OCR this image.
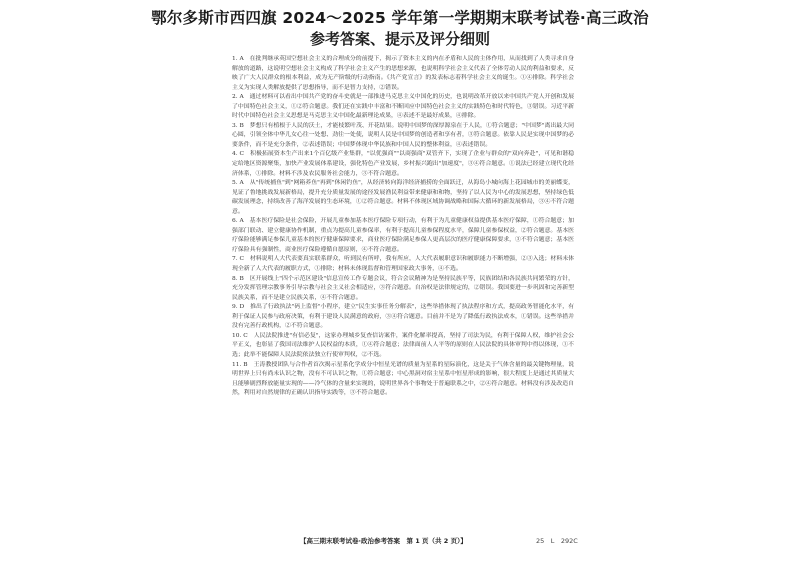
鄂尔多斯市西四旗 2024～2025 学年第一学期期末联考试卷·高三政治
参考答案、提示及评分细则

1. A　在批判继承英国空想社会主义的合理成分的前提下，揭示了资本主义的内在矛盾和人民的主体作用，从而找到了人类寻求自身解放的道路，这说明空想社会主义构成了科学社会主义产生的思想来源，也说明科学社会主义代表了全体劳动人民的利益和要求，反映了广大人民群众的根本利益，成为无产阶级的行动指南。《共产党宣言》的发表标志着科学社会主义的诞生。①④排除。科学社会主义为实现人类解放提供了思想指导，而不是智力支持，②错误。

2. A　通过材料可以看出中国共产党的奋斗史就是一部推进马克思主义中国化的历史，也说明改革开放以来中国共产党人开创和发展了中国特色社会主义，①②符合题意。我们还在实践中丰富和不断回应中国特色社会主义的实践特色和时代特色，③错误。习近平新时代中国特色社会主义思想是马克思主义中国化最新理论成果，④表述不是最好成果，④排除。

3. B　梦想只有植根于人民的沃土，才能枝繁叶茂、开花结果。说明中国梦的深厚源泉在于人民，①符合题意；"中国梦"离出最大同心圆，引领全体中华儿女心往一处想、劲往一处使，说明人民是中国梦的创造者和享有者，③符合题意。依靠人民是实现中国梦的必要条件，而不是充分条件，②表述错误；中国梦体现中华民族和中国人民的整体利益，④表述错误。

4. C　积极拓展资本生产出来1个百亿级产业集群，"以优强商""以商强商"双管齐下，实现了企业与群众的"双向奔赴"，可见和谐稳定给地区资源聚集，加快产业发展体系建设，强化特色产业发展，乡村振兴跑出"加速度"，③④符合题意。①说法已经建立现代化经济体系，①排除。材料不涉及农民服务社会能力，③不符合题意。

5. A　从"传统捕鱼"到"网箱养鱼"再到"休闲钓鱼"，从经济转向海洋经济捕捞的全面跃迁，从海岛小城向海上花园城市的美丽蝶变，见证了鲁地挑战发展新格局，提升充分质量发展的途径发展渔民利益带来健康和和物，坚持了以人民为中心的发展思想，坚持绿色低碳发展理念，持续改善了海洋发展的生态环境，①②符合题意。材料不体现区域协调战略和国际大循环的新发展格局，③④不符合题意。

6. A　基本医疗保险是社会保险，开展儿童参加基本医疗保险专项行动，有利于为儿童健康权益提供基本医疗保障，①符合题意；加强部门联动、建立健康协作机制，重点为提高儿童参保率，有利于提高儿童参保程度水平，保障儿童参保权益，②符合题意。基本医疗保险能够满足参保儿童基本的医疗健康保障要求，商业医疗保险满足参保人更高层次的医疗健康保障要求，③不符合题意；基本医疗保险具有强制性，商业医疗保险遵循自愿原则，④不符合题意。

7. C　材料说明人大代表要真实联系群众，听到民有所呼，我有所应，人大代表履职意识和履职能力不断增强，②③入选；材料未体现全新了人大代表的履职方式，①排除；材料未体现监督和管理国家政大事务，④不选。

8. B　区开展线上"四个示范区建设"信息宣传工作专题会议，符合会议精神为是坚持民族平等，民族团结和各民族共同繁荣的方针，充分发挥管理宗教事务引导宗教与社会主义社会相适应，③符合题意。自治权是法律规定的，②错误。我国要进一步巩固和完善新型民族关系，而不是建立民族关系，④不符合题意。

9. D　推出了行政执法"码上监督"小程序，建立"民生实事任务分解表"，这些举措体现了执法程序和方式，提高政务智能化水平，有利于保证人民参与政府决策，有利于建设人民满意的政府，③④符合题意。目前并不是为了降低行政执法成本，①错误。这些举措并没有完善行政机构，②不符合题意。

10. C　人民法院推进"有信必复"，这家办理城乡复查信访案件，案件化解率提高，坚持了司法为民，有利于保障人权，维护社会公平正义，也彰显了我国司法维护人民权益的本质，①④符合题意；法律面前人人平等的原则在人民法院的具体审判中得以体现，①不选；此举不能保障人民法院依法独立行使审判权，②不选。

11. B　王涛教授团队与合作者首次揭示星系化学成分中恒星光谱的质量为星系的星际演化，这是关于气体含量的最关键物理量，说明世界上只有尚未认识之物，没有不可认识之物，①符合题意；中心黑洞对宿主星系中恒星形成的影响，很大程度上是通过其质量大且能够剧烈释放能量实现的——冷气体的含量来实现的，说明世界各个事物处于普遍联系之中，②④符合题意。材料没有涉及改造自然，利用对自然规律的正确认识指导实践等，③不符合题意。

【高三期末联考试卷·政治参考答案　第 1 页（共 2 页）】	25　L　292C
